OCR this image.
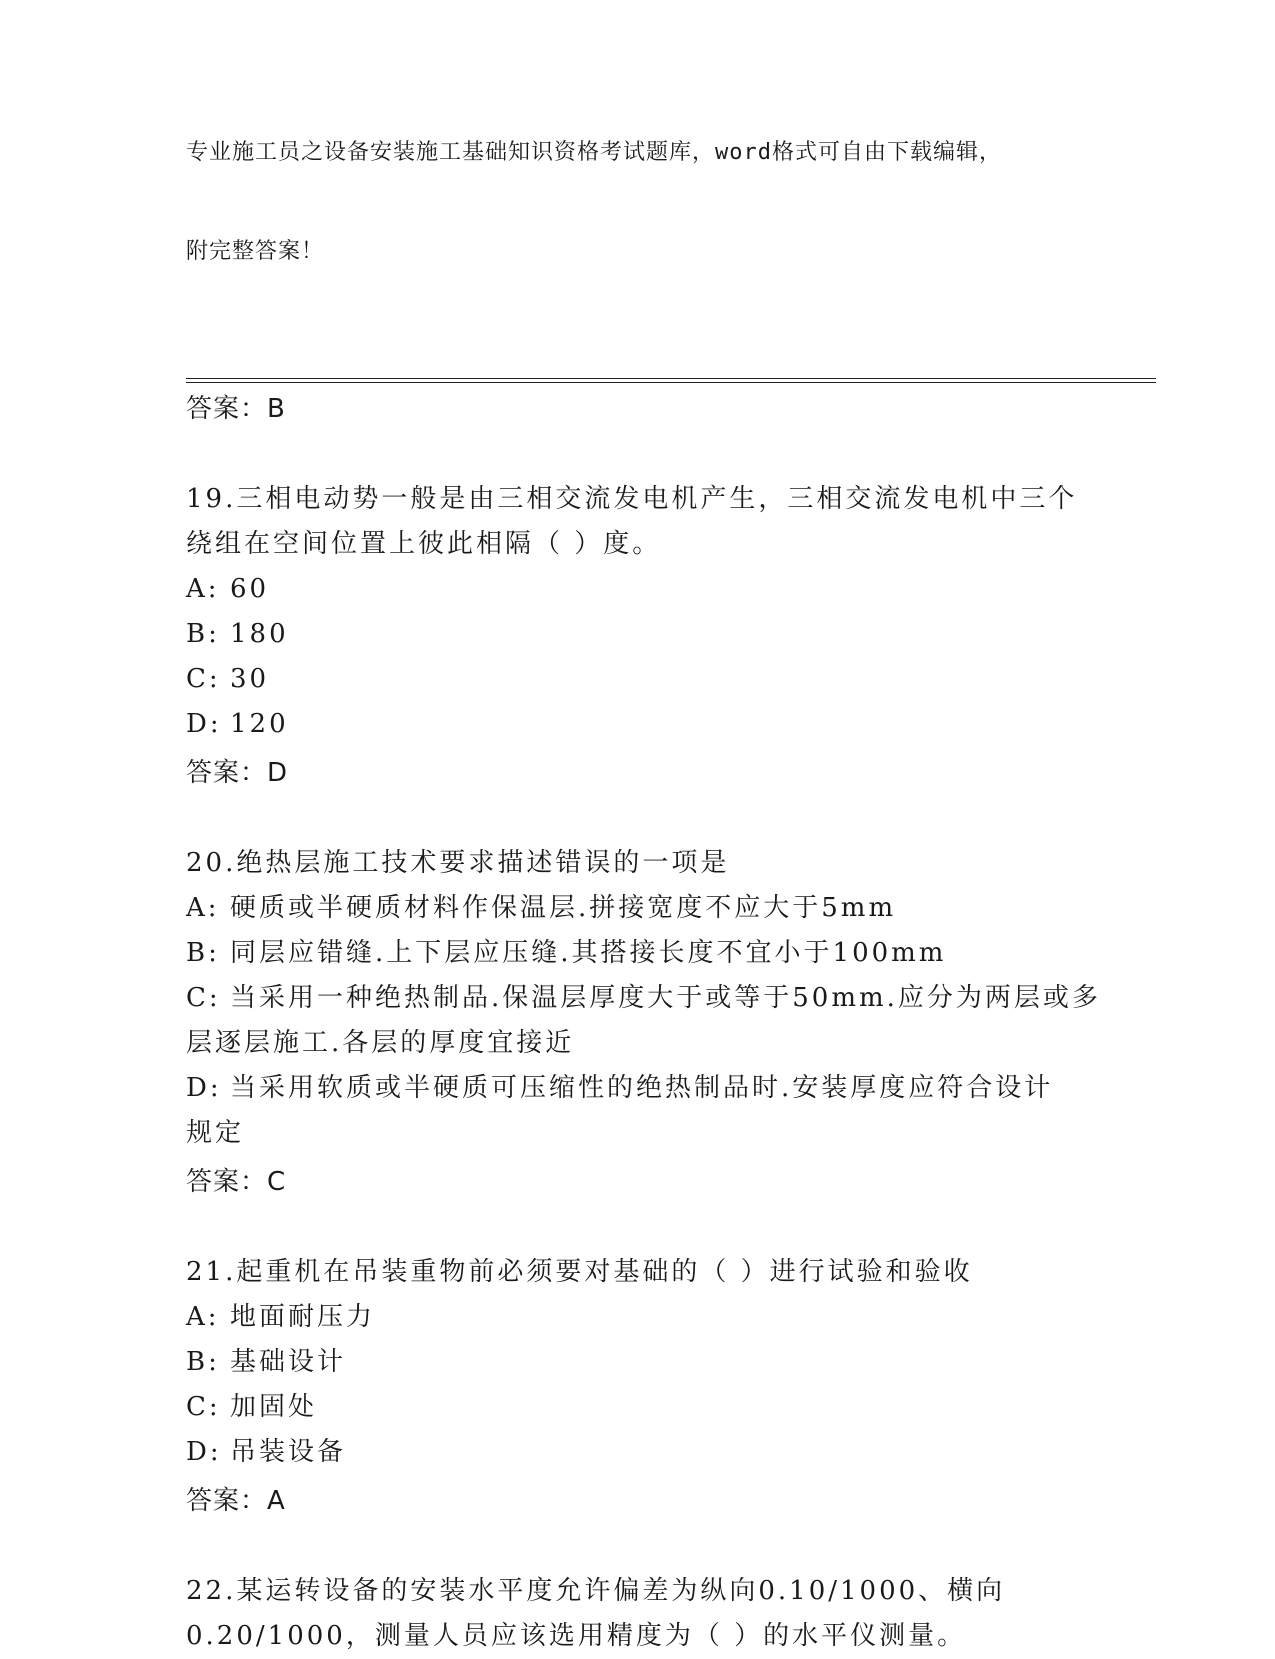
专业施工员之设备安装施工基础知识资格考试题库，word格式可自由下载编辑，

附完整答案！

答案：B
19.三相电动势一般是由三相交流发电机产生，三相交流发电机中三个
绕组在空间位置上彼此相隔（ ）度。
A: 60
B: 180
C: 30
D: 120
答案：D
20.绝热层施工技术要求描述错误的一项是
A: 硬质或半硬质材料作保温层.拼接宽度不应大于5mm
B: 同层应错缝.上下层应压缝.其搭接长度不宜小于100mm
C: 当采用一种绝热制品.保温层厚度大于或等于50mm.应分为两层或多
层逐层施工.各层的厚度宜接近
D: 当采用软质或半硬质可压缩性的绝热制品时.安装厚度应符合设计
规定
答案：C
21.起重机在吊装重物前必须要对基础的（ ）进行试验和验收
A: 地面耐压力
B: 基础设计
C: 加固处
D: 吊装设备
答案：A
22.某运转设备的安装水平度允许偏差为纵向0.10/1000、横向
0.20/1000，测量人员应该选用精度为（ ）的水平仪测量。
